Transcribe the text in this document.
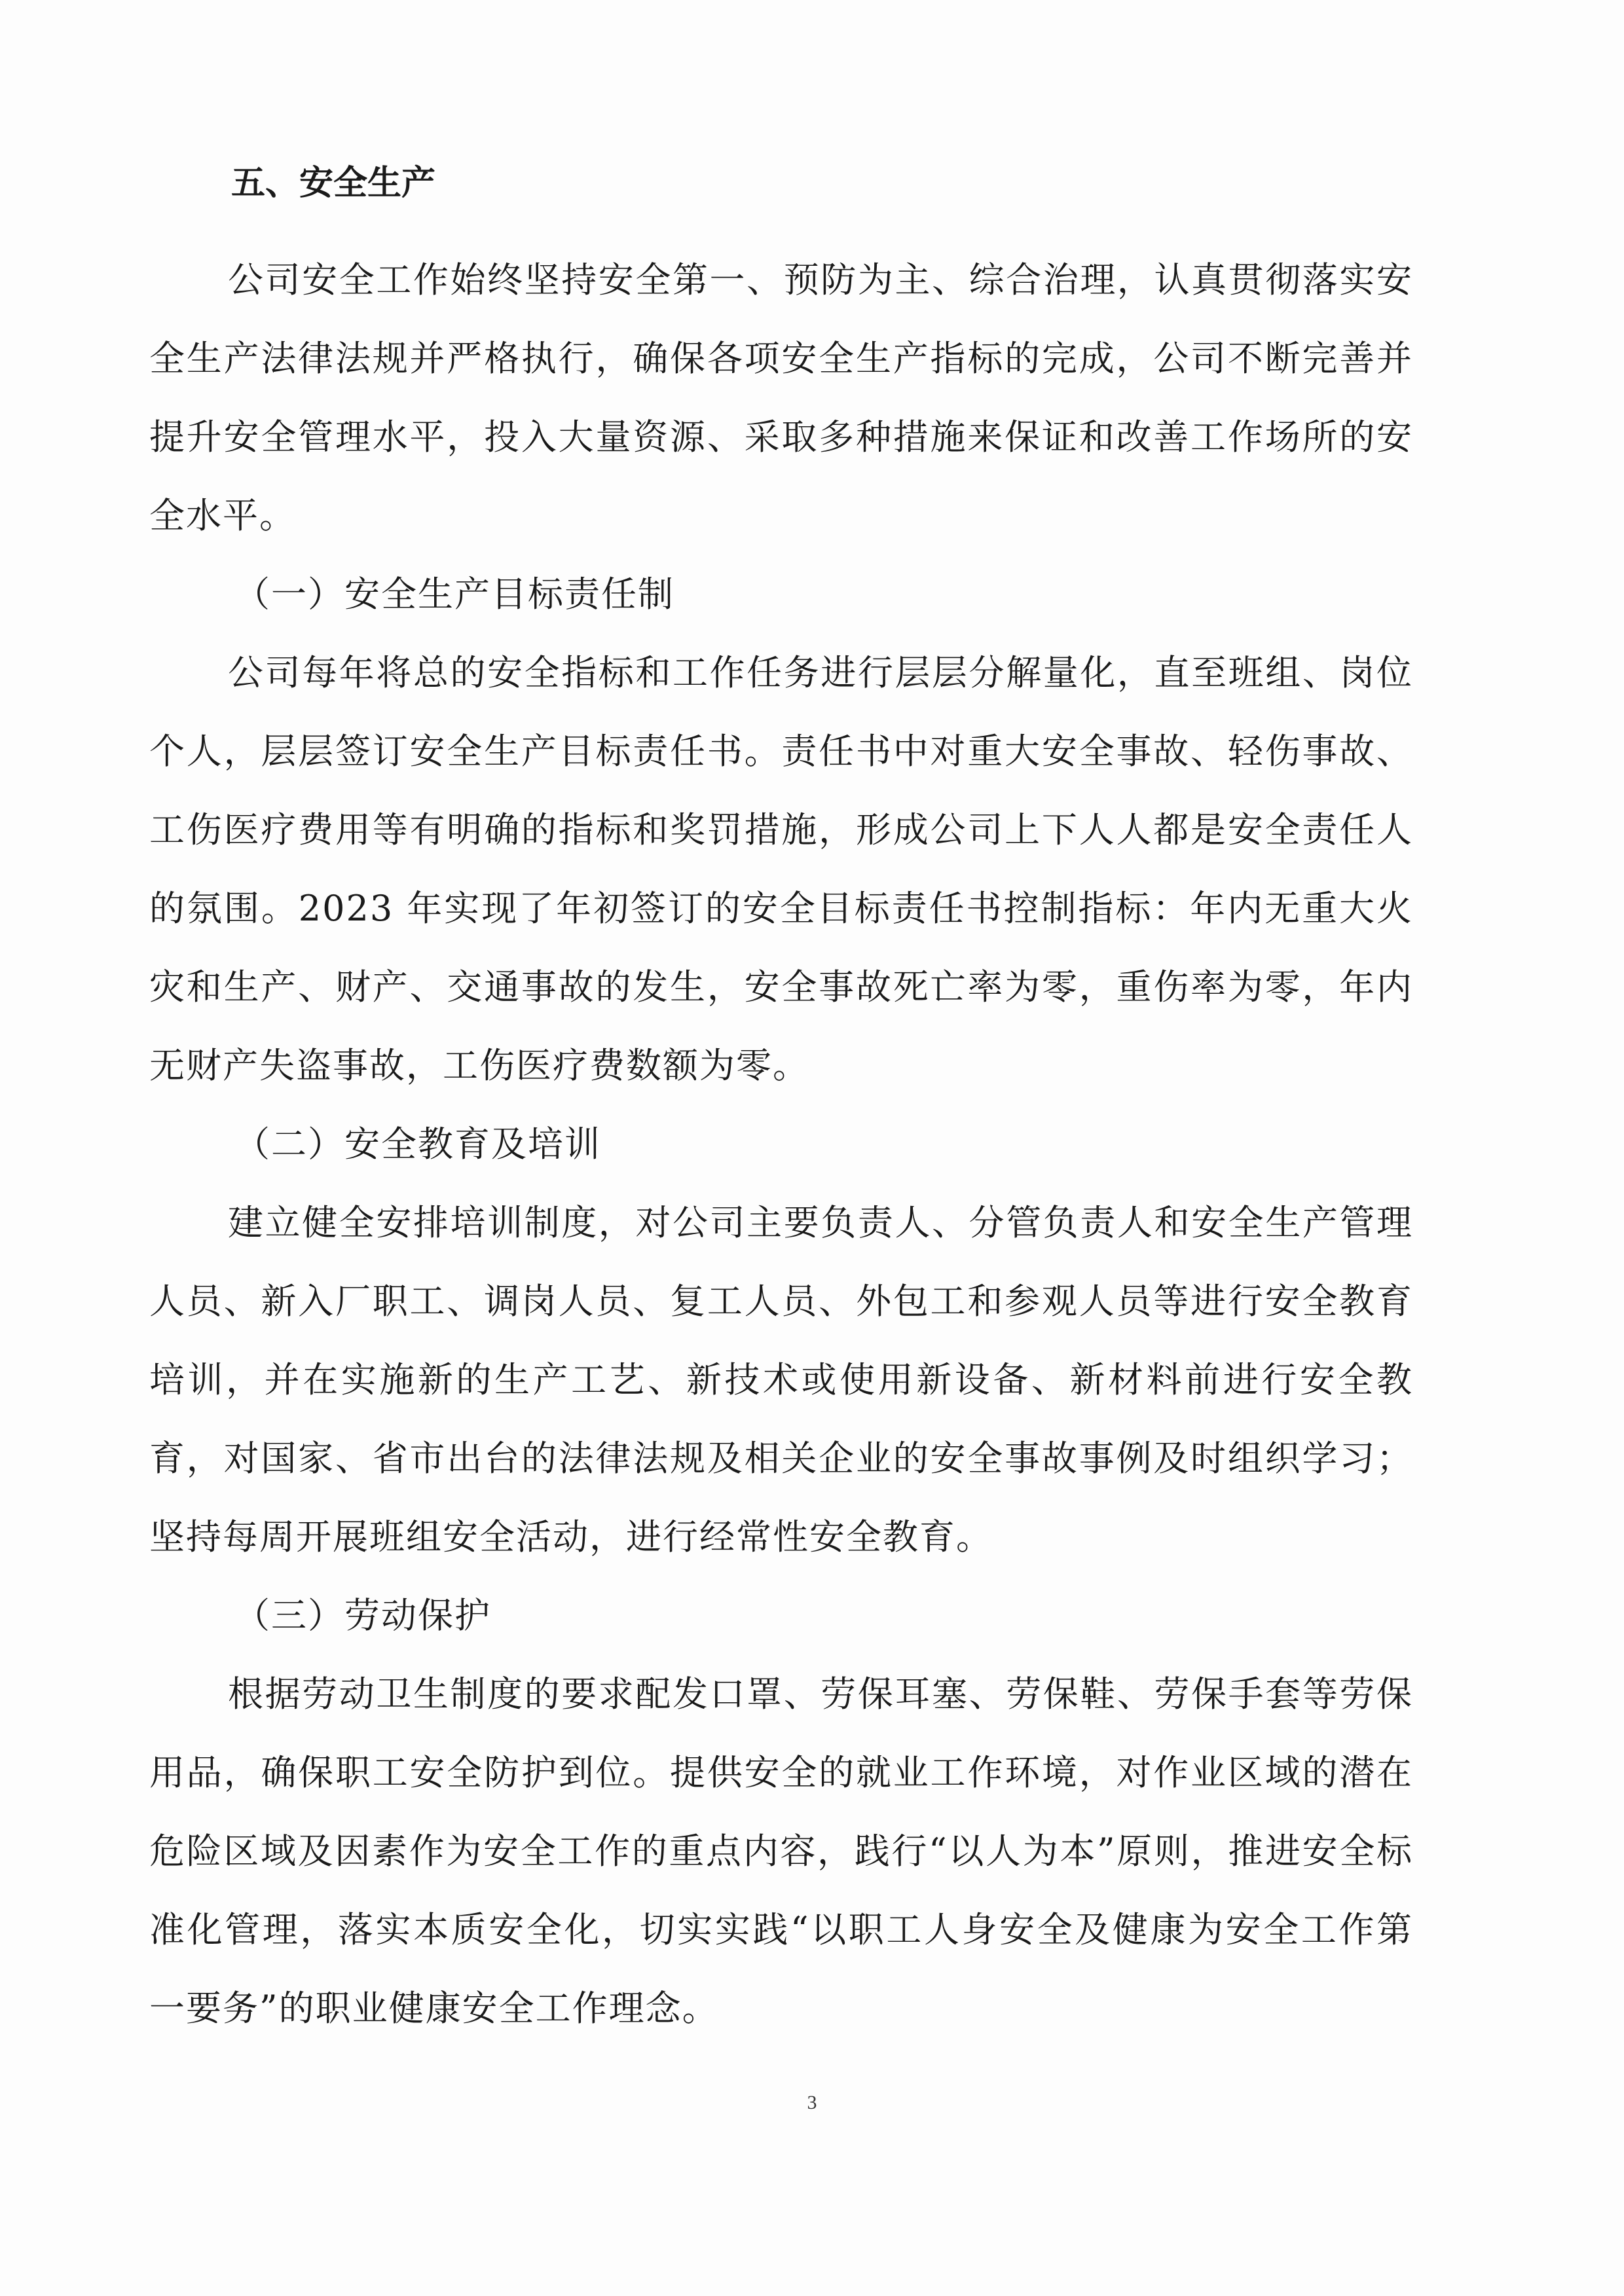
五、安全生产

公司安全工作始终坚持安全第一、预防为主、综合治理，认真贯彻落实安全生产法律法规并严格执行，确保各项安全生产指标的完成，公司不断完善并提升安全管理水平，投入大量资源、采取多种措施来保证和改善工作场所的安全水平。

（一）安全生产目标责任制

公司每年将总的安全指标和工作任务进行层层分解量化，直至班组、岗位个人，层层签订安全生产目标责任书。责任书中对重大安全事故、轻伤事故、工伤医疗费用等有明确的指标和奖罚措施，形成公司上下人人都是安全责任人的氛围。2023 年实现了年初签订的安全目标责任书控制指标：年内无重大火灾和生产、财产、交通事故的发生，安全事故死亡率为零，重伤率为零，年内无财产失盗事故，工伤医疗费数额为零。

（二）安全教育及培训

建立健全安排培训制度，对公司主要负责人、分管负责人和安全生产管理人员、新入厂职工、调岗人员、复工人员、外包工和参观人员等进行安全教育培训，并在实施新的生产工艺、新技术或使用新设备、新材料前进行安全教育，对国家、省市出台的法律法规及相关企业的安全事故事例及时组织学习；坚持每周开展班组安全活动，进行经常性安全教育。

（三）劳动保护

根据劳动卫生制度的要求配发口罩、劳保耳塞、劳保鞋、劳保手套等劳保用品，确保职工安全防护到位。提供安全的就业工作环境，对作业区域的潜在危险区域及因素作为安全工作的重点内容，践行“以人为本”原则，推进安全标准化管理，落实本质安全化，切实实践“以职工人身安全及健康为安全工作第一要务”的职业健康安全工作理念。

3
